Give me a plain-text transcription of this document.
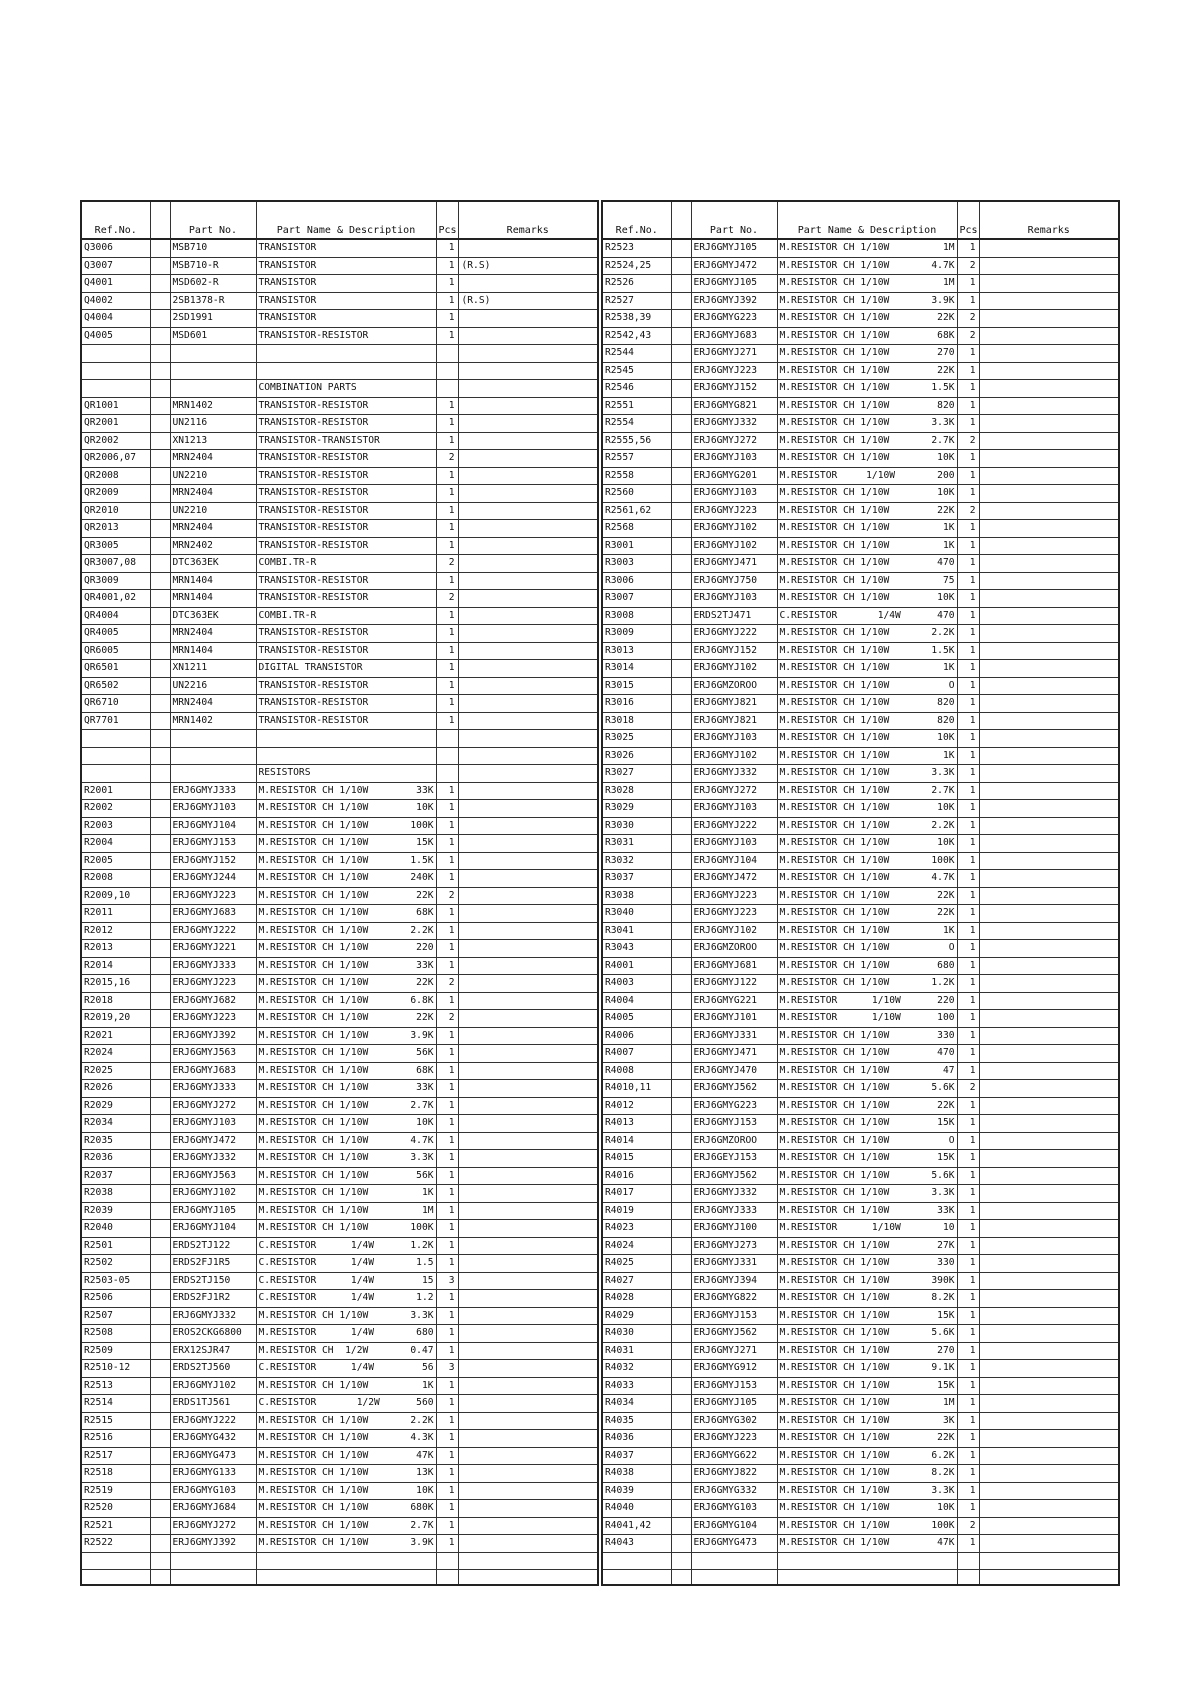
Ref.No.		Part No.	Part Name & Description	Pcs	Remarks
Q3006		MSB710	TRANSISTOR	1	
Q3007		MSB710-R	TRANSISTOR	1	(R.S)
Q4001		MSD602-R	TRANSISTOR	1	
Q4002		2SB1378-R	TRANSISTOR	1	(R.S)
Q4004		2SD1991	TRANSISTOR	1	
Q4005		MSD601	TRANSISTOR-RESISTOR	1	

			COMBINATION PARTS		

QR1001		MRN1402	TRANSISTOR-RESISTOR	1	
QR2001		UN2116	TRANSISTOR-RESISTOR	1	
QR2002		XN1213	TRANSISTOR-TRANSISTOR	1	
QR2006,07		MRN2404	TRANSISTOR-RESISTOR	2	
QR2008		UN2210	TRANSISTOR-RESISTOR	1	
QR2009		MRN2404	TRANSISTOR-RESISTOR	1	
QR2010		UN2210	TRANSISTOR-RESISTOR	1	
QR2013		MRN2404	TRANSISTOR-RESISTOR	1	
QR3005		MRN2402	TRANSISTOR-RESISTOR	1	
QR3007,08		DTC363EK	COMBI.TR-R	2	
QR3009		MRN1404	TRANSISTOR-RESISTOR	1	
QR4001,02		MRN1404	TRANSISTOR-RESISTOR	2	
QR4004		DTC363EK	COMBI.TR-R	1	
QR4005		MRN2404	TRANSISTOR-RESISTOR	1	
QR6005		MRN1404	TRANSISTOR-RESISTOR	1	
QR6501		XN1211	DIGITAL TRANSISTOR	1	
QR6502		UN2216	TRANSISTOR-RESISTOR	1	
QR6710		MRN2404	TRANSISTOR-RESISTOR	1	
QR7701		MRN1402	TRANSISTOR-RESISTOR	1	

			RESISTORS		

R2001		ERJ6GMYJ333	M.RESISTOR CH 1/10W 33K	1	
R2002		ERJ6GMYJ103	M.RESISTOR CH 1/10W 10K	1	
R2003		ERJ6GMYJ104	M.RESISTOR CH 1/10W 100K	1	
R2004		ERJ6GMYJ153	M.RESISTOR CH 1/10W 15K	1	
R2005		ERJ6GMYJ152	M.RESISTOR CH 1/10W 1.5K	1	
R2008		ERJ6GMYJ244	M.RESISTOR CH 1/10W 240K	1	
R2009,10		ERJ6GMYJ223	M.RESISTOR CH 1/10W 22K	2	
R2011		ERJ6GMYJ683	M.RESISTOR CH 1/10W 68K	1	
R2012		ERJ6GMYJ222	M.RESISTOR CH 1/10W 2.2K	1	
R2013		ERJ6GMYJ221	M.RESISTOR CH 1/10W 220	1	
R2014		ERJ6GMYJ333	M.RESISTOR CH 1/10W 33K	1	
R2015,16		ERJ6GMYJ223	M.RESISTOR CH 1/10W 22K	2	
R2018		ERJ6GMYJ682	M.RESISTOR CH 1/10W 6.8K	1	
R2019,20		ERJ6GMYJ223	M.RESISTOR CH 1/10W 22K	2	
R2021		ERJ6GMYJ392	M.RESISTOR CH 1/10W 3.9K	1	
R2024		ERJ6GMYJ563	M.RESISTOR CH 1/10W 56K	1	
R2025		ERJ6GMYJ683	M.RESISTOR CH 1/10W 68K	1	
R2026		ERJ6GMYJ333	M.RESISTOR CH 1/10W 33K	1	
R2029		ERJ6GMYJ272	M.RESISTOR CH 1/10W 2.7K	1	
R2034		ERJ6GMYJ103	M.RESISTOR CH 1/10W 10K	1	
R2035		ERJ6GMYJ472	M.RESISTOR CH 1/10W 4.7K	1	
R2036		ERJ6GMYJ332	M.RESISTOR CH 1/10W 3.3K	1	
R2037		ERJ6GMYJ563	M.RESISTOR CH 1/10W 56K	1	
R2038		ERJ6GMYJ102	M.RESISTOR CH 1/10W 1K	1	
R2039		ERJ6GMYJ105	M.RESISTOR CH 1/10W 1M	1	
R2040		ERJ6GMYJ104	M.RESISTOR CH 1/10W 100K	1	
R2501		ERDS2TJ122	C.RESISTOR      1/4W 1.2K	1	
R2502		ERDS2FJ1R5	C.RESISTOR      1/4W 1.5	1	
R2503-05		ERDS2TJ150	C.RESISTOR      1/4W 15	3	
R2506		ERDS2FJ1R2	C.RESISTOR      1/4W 1.2	1	
R2507		ERJ6GMYJ332	M.RESISTOR CH 1/10W 3.3K	1	
R2508		EROS2CKG6800	M.RESISTOR      1/4W 680	1	
R2509		ERX12SJR47	M.RESISTOR CH  1/2W 0.47	1	
R2510-12		ERDS2TJ560	C.RESISTOR      1/4W 56	3	
R2513		ERJ6GMYJ102	M.RESISTOR CH 1/10W 1K	1	
R2514		ERDS1TJ561	C.RESISTOR       1/2W 560	1	
R2515		ERJ6GMYJ222	M.RESISTOR CH 1/10W 2.2K	1	
R2516		ERJ6GMYG432	M.RESISTOR CH 1/10W 4.3K	1	
R2517		ERJ6GMYG473	M.RESISTOR CH 1/10W 47K	1	
R2518		ERJ6GMYG133	M.RESISTOR CH 1/10W 13K	1	
R2519		ERJ6GMYG103	M.RESISTOR CH 1/10W 10K	1	
R2520		ERJ6GMYJ684	M.RESISTOR CH 1/10W 680K	1	
R2521		ERJ6GMYJ272	M.RESISTOR CH 1/10W 2.7K	1	
R2522		ERJ6GMYJ392	M.RESISTOR CH 1/10W 3.9K	1	

Ref.No.		Part No.	Part Name & Description	Pcs	Remarks
R2523		ERJ6GMYJ105	M.RESISTOR CH 1/10W 1M	1	
R2524,25		ERJ6GMYJ472	M.RESISTOR CH 1/10W 4.7K	2	
R2526		ERJ6GMYJ105	M.RESISTOR CH 1/10W 1M	1	
R2527		ERJ6GMYJ392	M.RESISTOR CH 1/10W 3.9K	1	
R2538,39		ERJ6GMYG223	M.RESISTOR CH 1/10W 22K	2	
R2542,43		ERJ6GMYJ683	M.RESISTOR CH 1/10W 68K	2	
R2544		ERJ6GMYJ271	M.RESISTOR CH 1/10W 270	1	
R2545		ERJ6GMYJ223	M.RESISTOR CH 1/10W 22K	1	
R2546		ERJ6GMYJ152	M.RESISTOR CH 1/10W 1.5K	1	
R2551		ERJ6GMYG821	M.RESISTOR CH 1/10W 820	1	
R2554		ERJ6GMYJ332	M.RESISTOR CH 1/10W 3.3K	1	
R2555,56		ERJ6GMYJ272	M.RESISTOR CH 1/10W 2.7K	2	
R2557		ERJ6GMYJ103	M.RESISTOR CH 1/10W 10K	1	
R2558		ERJ6GMYG201	M.RESISTOR     1/10W 200	1	
R2560		ERJ6GMYJ103	M.RESISTOR CH 1/10W 10K	1	
R2561,62		ERJ6GMYJ223	M.RESISTOR CH 1/10W 22K	2	
R2568		ERJ6GMYJ102	M.RESISTOR CH 1/10W 1K	1	
R3001		ERJ6GMYJ102	M.RESISTOR CH 1/10W 1K	1	
R3003		ERJ6GMYJ471	M.RESISTOR CH 1/10W 470	1	
R3006		ERJ6GMYJ750	M.RESISTOR CH 1/10W 75	1	
R3007		ERJ6GMYJ103	M.RESISTOR CH 1/10W 10K	1	
R3008		ERDS2TJ471	C.RESISTOR       1/4W 470	1	
R3009		ERJ6GMYJ222	M.RESISTOR CH 1/10W 2.2K	1	
R3013		ERJ6GMYJ152	M.RESISTOR CH 1/10W 1.5K	1	
R3014		ERJ6GMYJ102	M.RESISTOR CH 1/10W 1K	1	
R3015		ERJ6GMZOROO	M.RESISTOR CH 1/10W O	1	
R3016		ERJ6GMYJ821	M.RESISTOR CH 1/10W 820	1	
R3018		ERJ6GMYJ821	M.RESISTOR CH 1/10W 820	1	
R3025		ERJ6GMYJ103	M.RESISTOR CH 1/10W 10K	1	
R3026		ERJ6GMYJ102	M.RESISTOR CH 1/10W 1K	1	
R3027		ERJ6GMYJ332	M.RESISTOR CH 1/10W 3.3K	1	
R3028		ERJ6GMYJ272	M.RESISTOR CH 1/10W 2.7K	1	
R3029		ERJ6GMYJ103	M.RESISTOR CH 1/10W 10K	1	
R3030		ERJ6GMYJ222	M.RESISTOR CH 1/10W 2.2K	1	
R3031		ERJ6GMYJ103	M.RESISTOR CH 1/10W 10K	1	
R3032		ERJ6GMYJ104	M.RESISTOR CH 1/10W 100K	1	
R3037		ERJ6GMYJ472	M.RESISTOR CH 1/10W 4.7K	1	
R3038		ERJ6GMYJ223	M.RESISTOR CH 1/10W 22K	1	
R3040		ERJ6GMYJ223	M.RESISTOR CH 1/10W 22K	1	
R3041		ERJ6GMYJ102	M.RESISTOR CH 1/10W 1K	1	
R3043		ERJ6GMZOROO	M.RESISTOR CH 1/10W O	1	
R4001		ERJ6GMYJ681	M.RESISTOR CH 1/10W 680	1	
R4003		ERJ6GMYJ122	M.RESISTOR CH 1/10W 1.2K	1	
R4004		ERJ6GMYG221	M.RESISTOR      1/10W 220	1	
R4005		ERJ6GMYJ101	M.RESISTOR      1/10W 100	1	
R4006		ERJ6GMYJ331	M.RESISTOR CH 1/10W 330	1	
R4007		ERJ6GMYJ471	M.RESISTOR CH 1/10W 470	1	
R4008		ERJ6GMYJ470	M.RESISTOR CH 1/10W 47	1	
R4010,11		ERJ6GMYJ562	M.RESISTOR CH 1/10W 5.6K	2	
R4012		ERJ6GMYG223	M.RESISTOR CH 1/10W 22K	1	
R4013		ERJ6GMYJ153	M.RESISTOR CH 1/10W 15K	1	
R4014		ERJ6GMZOROO	M.RESISTOR CH 1/10W O	1	
R4015		ERJ6GEYJ153	M.RESISTOR CH 1/10W 15K	1	
R4016		ERJ6GMYJ562	M.RESISTOR CH 1/10W 5.6K	1	
R4017		ERJ6GMYJ332	M.RESISTOR CH 1/10W 3.3K	1	
R4019		ERJ6GMYJ333	M.RESISTOR CH 1/10W 33K	1	
R4023		ERJ6GMYJ100	M.RESISTOR      1/10W 10	1	
R4024		ERJ6GMYJ273	M.RESISTOR CH 1/10W 27K	1	
R4025		ERJ6GMYJ331	M.RESISTOR CH 1/10W 330	1	
R4027		ERJ6GMYJ394	M.RESISTOR CH 1/10W 390K	1	
R4028		ERJ6GMYG822	M.RESISTOR CH 1/10W 8.2K	1	
R4029		ERJ6GMYJ153	M.RESISTOR CH 1/10W 15K	1	
R4030		ERJ6GMYJ562	M.RESISTOR CH 1/10W 5.6K	1	
R4031		ERJ6GMYJ271	M.RESISTOR CH 1/10W 270	1	
R4032		ERJ6GMYG912	M.RESISTOR CH 1/10W 9.1K	1	
R4033		ERJ6GMYJ153	M.RESISTOR CH 1/10W 15K	1	
R4034		ERJ6GMYJ105	M.RESISTOR CH 1/10W 1M	1	
R4035		ERJ6GMYG302	M.RESISTOR CH 1/10W 3K	1	
R4036		ERJ6GMYJ223	M.RESISTOR CH 1/10W 22K	1	
R4037		ERJ6GMYG622	M.RESISTOR CH 1/10W 6.2K	1	
R4038		ERJ6GMYJ822	M.RESISTOR CH 1/10W 8.2K	1	
R4039		ERJ6GMYG332	M.RESISTOR CH 1/10W 3.3K	1	
R4040		ERJ6GMYG103	M.RESISTOR CH 1/10W 10K	1	
R4041,42		ERJ6GMYG104	M.RESISTOR CH 1/10W 100K	2	
R4043		ERJ6GMYG473	M.RESISTOR CH 1/10W 47K	1	
